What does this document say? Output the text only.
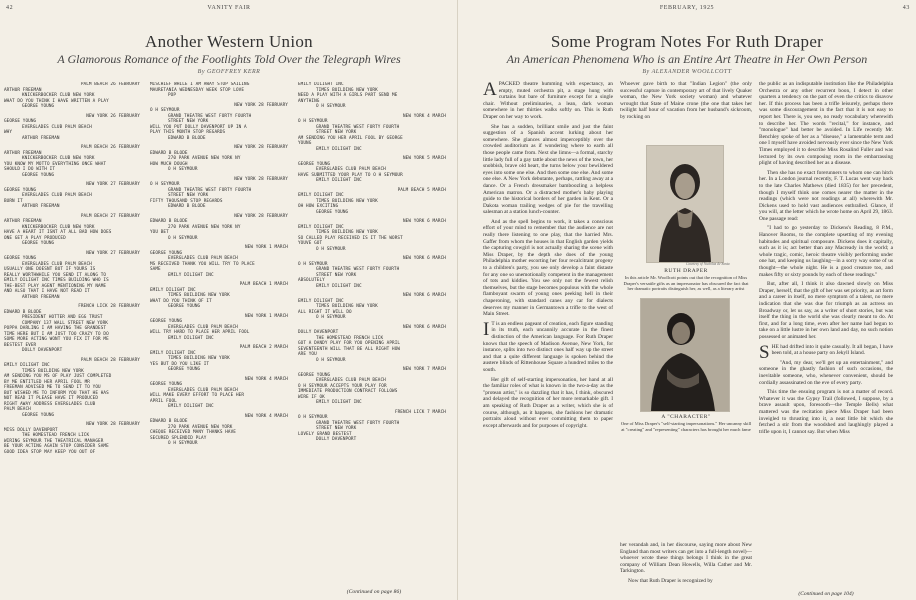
42	VANITY FAIR
Another Western Union
A Glamorous Romance of the Footlights Told Over the Telegraph Wires
By GEOFFREY KERR
PALM BEACH 26 FEBRUARY
ARTHUR FREEMAN
KNICKERBOCKER CLUB NEW YORK
WHAT DO YOU THINK I HAVE WRITTEN A PLAY
GEORGE YOUNG
NEW YORK 26 FEBRUARY
GEORGE YOUNG
EVERGLADES CLUB PALM BEACH
WHY
ARTHUR FREEMAN
PALM BEACH 26 FEBRUARY
ARTHUR FREEMAN
KNICKERBOCKER CLUB NEW YORK
YOU KNOW MY MOTTO EVERYTHING ONCE WHAT
SHOULD I DO WITH IT
GEORGE YOUNG
NEW YORK 27 FEBRUARY
GEORGE YOUNG
EVERGLADES CLUB PALM BEACH
BURN IT
ARTHUR FREEMAN
PALM BEACH 27 FEBRUARY
ARTHUR FREEMAN
KNICKERBOCKER CLUB NEW YORK
HAVE A HEART IT ISNT AT ALL BAD HOW DOES
ONE GET A PLAY PRODUCED
GEORGE YOUNG
NEW YORK 27 FEBRUARY
GEORGE YOUNG
EVERGLADES CLUB PALM BEACH
USUALLY ONE DOESNT BUT IF YOURS IS
REALLY WORTHWHILE YOU SEND IT ALONG TO
EMILY DILIGHT INC TIMES BUILDING WHO IS
THE-BEST PLAY AGENT MENTIONING MY NAME
AND ALSO THAT I HAVE NOT READ IT
ARTHUR FREEMAN
FRENCH LICK 28 FEBRUARY
EDWARD B BLODE
PRESIDENT HOTTER AND EGG TRUST
COMPANY 137 WALL STREET NEW YORK
POPPA DARLING I AM HAVING THE GRANDEST
TIME HERE BUT I AM JUST TOO CRAZY TO DO
SOME MORE ACTING WONT YOU FIX IT FOR ME
BESTEST EVER
DOLLY DAVENPORT
PALM BEACH 28 FEBRUARY
EMILY DILIGHT INC
TIMES BUILDING NEW YORK
AM SENDING YOU MS OF PLAY JUST COMPLETED
BY ME ENTITLED HER APRIL FOOL MR
FREEMAN ADVISED ME TO SEND IT TO YOU
BUT WISHED ME TO INFORM YOU THAT HE HAS
NOT READ IT PLEASE HAVE IT PRODUCED
RIGHT AWAY ADDRESS EVERGLADES CLUB
PALM BEACH
GEORGE YOUNG
NEW YORK 28 FEBRUARY
MISS DOLLY DAVENPORT
THE HOMESTEAD FRENCH LICK
WIRING SEYMOUR THE THEATRICAL MANAGER
BE YOUR ACTING AGAIN STOP CONSIDER SAME
GOOD IDEA STOP MAY KEEP YOU OUT OF
MISCHIEF WHILE I AM AWAY STOP SAILING
MAURETANIA WEDNESDAY WEEK STOP LOVE
POP
NEW YORK 28 FEBRUARY
O H SEYMOUR
GRAND THEATRE WEST FORTY FOURTH
STREET NEW YORK
WILL YOU PUT DOLLY DAVENPORT UP IN A
PLAY THIS MONTH STOP REGARDS
EDWARD B BLODE
NEW YORK 28 FEBRUARY
EDWARD B BLODE
270 PARK AVENUE NEW YORK NY
HOW MUCH DOUGH
O H SEYMOUR
NEW YORK 28 FEBRUARY
O H SEYMOUR
GRAND THEATRE WEST FORTY FOURTH
STREET NEW YORK
FIFTY THOUSAND STOP REGARDS
EDWARD B BLODE
NEW YORK 28 FEBRUARY
EDWARD B BLODE
270 PARK AVENUE NEW YORK NY
YOU BET
O H SEYMOUR
NEW YORK 1 MARCH
GEORGE YOUNG
EVERGLADES CLUB PALM BEACH
MS RECEIVED THANK YOU WILL TRY TO PLACE
SAME
EMILY DILIGHT INC
PALM BEACH 1 MARCH
EMILY DILIGHT INC
TIMES BUILDING NEW YORK
WHAT DO YOU THINK OF IT
GEORGE YOUNG
NEW YORK 1 MARCH
GEORGE YOUNG
EVERGLADES CLUB PALM BEACH
WILL TRY HARD TO PLACE HER APRIL FOOL
EMILY DILIGHT INC
PALM BEACH 2 MARCH
EMILY DILIGHT INC
TIMES BUILDING NEW YORK
YES BUT DO YOU LIKE IT
GEORGE YOUNG
NEW YORK 4 MARCH
GEORGE YOUNG
EVERGLADES CLUB PALM BEACH
WILL MAKE EVERY EFFORT TO PLACE HER
APRIL FOOL
EMILY DILIGHT INC
NEW YORK 4 MARCH
EDWARD B BLODE
270 PARK AVENUE NEW YORK
CHEQUE RECEIVED MANY THANKS HAVE
SECURED SPLENDID PLAY
O H SEYMOUR
EMILY DILIGHT INC
TIMES BUILDING NEW YORK
NEED A PLAY WITH A GIRLS PART SEND ME
ANYTHING
O H SEYMOUR
NEW YORK 4 MARCH
O H SEYMOUR
GRAND THEATRE WEST FORTY FOURTH
STREET NEW YORK
AM SENDING YOU HER APRIL FOOL BY GEORGE
YOUNG
EMILY DILIGHT INC
NEW YORK 5 MARCH
GEORGE YOUNG
EVERGLADES CLUB PALM BEACH
HAVE SUBMITTED YOUR PLAY TO O H SEYMOUR
EMILY DILIGHT INC
PALM BEACH 5 MARCH
EMILY DILIGHT INC
TIMES BUILDING NEW YORK
OH HOW EXCITING
GEORGE YOUNG
NEW YORK 6 MARCH
EMILY DILIGHT INC
TIMES BUILDING NEW YORK
SO CALLED PLAY RECEIVED IS IT THE WORST
YOUVE GOT
O H SEYMOUR
NEW YORK 6 MARCH
O H SEYMOUR
GRAND THEATRE WEST FORTY FOURTH
STREET NEW YORK
ABSOLUTELY
EMILY DILIGHT INC
NEW YORK 6 MARCH
EMILY DILIGHT INC
TIMES BUILDING NEW YORK
ALL RIGHT IT WILL DO
O H SEYMOUR
NEW YORK 6 MARCH
DOLLY DAVENPORT
THE HOMESTEAD FRENCH LICK
GOT A DANDY PLAY FOR YOU OPENING APRIL
SEVENTEENTH WILL THAT BE ALL RIGHT HOW
ARE YOU
O H SEYMOUR
NEW YORK 7 MARCH
GEORGE YOUNG
EVERGLADES CLUB PALM BEACH
O H SEYMOUR ACCEPTS YOUR PLAY FOR
IMMEDIATE PRODUCTION CONTRACT FOLLOWS
WIRE IF OK
EMILY DILIGHT INC
FRENCH LICK 7 MARCH
O H SEYMOUR
GRAND THEATRE WEST FORTY FOURTH
STREET NEW YORK
LOVELY GRAND BESTEST
DOLLY DAVENPORT
(Continued on page 86)
FEBRUARY, 1925	43
Some Program Notes For Ruth Draper
An American Phenomena Who is an Entire Art Theatre in Her Own Person
By ALEXANDER WOOLLCOTT

APACKED theatre humming with expectancy, an empty, muted orchestra pit, a stage hung with curtains but bare of furniture except for a single chair. Without preliminaries, a lean, dark woman somewhere in her thirties walks softly on. This is Ruth Draper on her way to work.

She has a sudden, brilliant smile and just the faint suggestion of a Spanish accent lurking about her somewhere. She glances almost imperceptibly over the crowded auditorium as if wondering where to earth all those people came from. Next she limns—a formal, starchy little lady full of a gay tattle about the news of the town, her snobbish, brave old heart, the turns below your bewildered eyes into some one else. And then some one else. And some one else. A New York debutante, perhaps, rattling away at a dance. Or a French dressmaker bamboozling a helpless American matron. Or a distracted mother's baby playing guide to the historical borders of her garden in Kent. Or a Dakota woman trailing wedges of pie for the travelling salesman at a station lunch-counter.

And as the spell begins to work, it takes a conscious effort of your mind to remember that the audience are not really there listening to one play, that the harried Mrs. Gaffer from whom the houses in that English garden yields the capturing cowgirl is not actually sharing the scene with Miss Draper, by the depth she does of the young Philadelphia mother escorting her four recalcitrant progeny to a children's party, you see only develop a faint distaste for any one so unemotionally competent in the management of tots and kiddies. You see only not the fewest relish themselves, but the stage becomes populous with the whole flamboyant swarm of young ones peeking hell in their chaperoning, with standard canes any car for dialects deserves my manner in Germantown a trifle to the west of Main Street.

I T is an endless pageant of creation, each figure standing in its truth, each uncannily accurate in the finest distinction of the American language. For Ruth Draper knows that the speech of Madison Avenue, New York, for instance, splits into two distinct ones half way up the street and that a quite different language is spoken behind the austere blinds of Rittenhouse Square a hundred miles to the south.

Her gift of self-starting impersonation, her hand at all the familiar roles of what is known in the two-a-day as the "protean artist," is so dazzling that it has, I think, obscured and delayed the recognition of her more remarkable gift. I am speaking of Ruth Draper as a writer, which she is of course, although, as it happens, she fashions her dramatic portraits aloud without ever committing them to paper except afterwards and for purposes of copyright.

Whoever gave birth to that "Indian Legion" (the only successful capture in contemporary art of that lively Quaker woman, the New York society woman) and whatever wrought that State of Maine crone (the one that takes her twilight half hour of vacation from her husband's sickroom, by rocking on

Courtesy of Nickolas de Santa
RUTH DRAPER
In this article Mr. Woollcott points out that the recognition of Miss Draper's versatile gifts as an impersonator has obscured the fact that her dramatic portraits distinguish her, as well, as a literary artist
A "CHARACTER"
One of Miss Draper's "self-starting impersonations." Her uncanny skill at "creating" and "representing" characters has brought her much fame

her verandah and, in her discourse, saying more about New England than most writers can get into a full-length novel)—whoever wrote these things belongs I think in the great company of William Dean Howells, Willa Cather and Mr. Tarkington.

Now that Ruth Draper is recognized by

the public as an indisputable institution like the Philadelphia Orchestra or any other recurrent boon, I detect in other quarters a tendency on the part of even the critics to disavow her. If this process has been a trifle leisurely, perhaps there was some discouragement in the fact that it is not easy to report her. There is, you see, no ready vocabulary wherewith to describe her. The words "recital," for instance, and "monologue" had better be avoided. In Life recently Mr. Benchley spoke of her as a "diseuse," a lamentable term and one I myself have avoided nervously ever since the New York Times employed it to describe Miss Rosalind Fuller and was lectured by its own composing room in the embarrassing plight of having described her as a disease.

Then she has no exact forerunners to whom one can hitch her. In a London journal recently, F. T. Lucas went way back to the late Charles Mathews (died 1835) for her precedent, though I myself think one comes nearer the matter in the readings (which were not readings at all) wherewith Mr. Dickens used to hold vast audiences enthralled. Glance, if you will, at the letter which he wrote home on April 29, 1863. One passage read:

"I had to go yesterday to Dickens's Reading, 8 P.M., Hanover Rooms, to the complete upsetting of my evening habitudes and spiritual composure. Dickens does it capitally, such as it is; act better than any Macready in the world; a whole tragic, comic, heroic theatre visibly performing under one hat, and keeping us laughing—in a sorry way some of us thought—the whole night. He is a good creature too, and makes fifty or sixty pounds by each of these readings."

But, after all, I think it also dawned slowly on Miss Draper, herself, that the gift of her was set priority, as art form and a career in itself, no mere symptom of a talent, no mere indication that she was due for triumph as an actress on Broadway or, let us say, as a writer of short stories, but was itself the thing in the world she was clearly meant to do. At first, and for a long time, even after her name had begun to take on a little lustre in her own land and day, no such notion possessed or animated her.

SHE had drifted into it quite casually. It all began, I have been told, at a house party on Jekyll Island.

"And, my dear, we'll get up an entertainment," and someone in the ghastly fashion of such occasions, the inevitable someone, who, whenever convenient, should be cordially assassinated on the eve of every party.

This time the ensuing program is not a matter of record. Whatever it was the Gypsy Trail (followed, I suppose, by a brave assault upon, foresooth—the Temple Bells) what mattered was the recitation piece Miss Draper had been inveigled to thrusting into it, a neat little bit which she fetched a stir from the woodshed and laughingly played a trifle upon it, I cannot say. But when Miss

(Continued on page 104)
